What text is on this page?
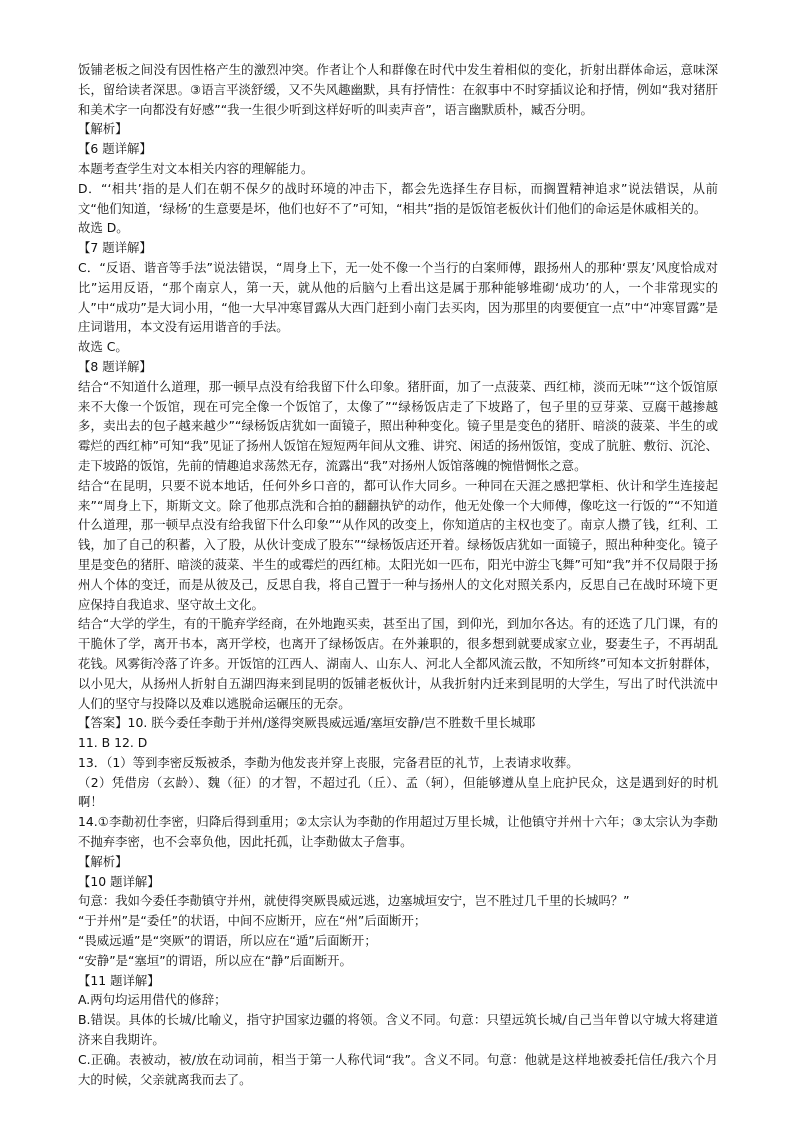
饭铺老板之间没有因性格产生的激烈冲突。作者让个人和群像在时代中发生着相似的变化，折射出群体命运，意味深长，留给读者深思。③语言平淡舒缓，又不失风趣幽默，具有抒情性：在叙事中不时穿插议论和抒情，例如“我对猪肝和美术字一向都没有好感”“我一生很少听到这样好听的叫卖声音”，语言幽默质朴，臧否分明。

【解析】

【6 题详解】

本题考查学生对文本相关内容的理解能力。

D．“‘相共’指的是人们在朝不保夕的战时环境的冲击下，都会先选择生存目标，而搁置精神追求”说法错误，从前文“他们知道，‘绿杨’的生意要是坏，他们也好不了”可知，“相共”指的是饭馆老板伙计们他们的命运是休戚相关的。

故选 D。

【7 题详解】

C．“反语、谐音等手法”说法错误，“周身上下，无一处不像一个当行的白案师傅，跟扬州人的那种‘票友’风度恰成对比”运用反语，“那个南京人，第一天，就从他的后脑勺上看出这是属于那种能够堆砌‘成功’的人，一个非常现实的人”中“成功”是大词小用，“他一大早冲寒冒露从大西门赶到小南门去买肉，因为那里的肉要便宜一点”中“冲寒冒露”是庄词谐用，本文没有运用谐音的手法。

故选 C。

【8 题详解】

结合“不知道什么道理，那一顿早点没有给我留下什么印象。猪肝面，加了一点菠菜、西红柿，淡而无味”“这个饭馆原来不大像一个饭馆，现在可完全像一个饭馆了，太像了”“绿杨饭店走了下坡路了，包子里的豆芽菜、豆腐干越掺越多，卖出去的包子越来越少”“绿杨饭店犹如一面镜子，照出种种变化。镜子里是变色的猪肝、暗淡的菠菜、半生的或霉烂的西红柿”可知“我”见证了扬州人饭馆在短短两年间从文雅、讲究、闲适的扬州饭馆，变成了肮脏、敷衍、沉沦、走下坡路的饭馆，先前的情趣追求荡然无存，流露出“我”对扬州人饭馆落魄的惋惜惆怅之意。

结合“在昆明，只要不说本地话，任何外乡口音的，都可认作大同乡。一种同在天涯之感把掌柜、伙计和学生连接起来”“周身上下，斯斯文文。除了他那点洗和合拍的翻翻执铲的动作，他无处像一个大师傅，像吃这一行饭的”“不知道什么道理，那一顿早点没有给我留下什么印象”“从作风的改变上，你知道店的主权也变了。南京人攒了钱，红利、工钱，加了自己的积蓄，入了股，从伙计变成了股东”“绿杨饭店还开着。绿杨饭店犹如一面镜子，照出种种变化。镜子里是变色的猪肝、暗淡的菠菜、半生的或霉烂的西红柿。太阳光如一匹布，阳光中游尘飞舞”可知“我”并不仅局限于扬州人个体的变迁，而是从彼及己，反思自我，将自己置于一种与扬州人的文化对照关系内，反思自己在战时环境下更应保持自我追求、坚守故土文化。

结合“大学的学生，有的干脆弃学经商，在外地跑买卖，甚至出了国，到仰光，到加尔各达。有的还选了几门课，有的干脆休了学，离开书本，离开学校，也离开了绿杨饭店。在外兼职的，很多想到就要成家立业，娶妻生子，不再胡乱花钱。风雾街冷落了许多。开饭馆的江西人、湖南人、山东人、河北人全都风流云散，不知所终”可知本文折射群体，以小见大，从扬州人折射自五湖四海来到昆明的饭铺老板伙计，从我折射内迁来到昆明的大学生，写出了时代洪流中人们的坚守与投降以及难以逃脱命运碾压的无奈。

【答案】10. 朕今委任李勣于并州/遂得突厥畏威远遁/塞垣安静/岂不胜数千里长城耶

11. B 12. D

13．（1）等到李密反叛被杀，李勣为他发丧并穿上丧服，完备君臣的礼节，上表请求收葬。

（2）凭借房（玄龄）、魏（征）的才智，不超过孔（丘）、孟（轲），但能够遵从皇上庇护民众，这是遇到好的时机啊！

14.①李勣初仕李密，归降后得到重用；②太宗认为李勣的作用超过万里长城，让他镇守并州十六年；③太宗认为李勣不抛弃李密，也不会辜负他，因此托孤，让李勣做太子詹事。

【解析】

【10 题详解】

句意：我如今委任李勣镇守并州，就使得突厥畏威远逃，边塞城垣安宁，岂不胜过几千里的长城吗？”

“于并州”是“委任”的状语，中间不应断开，应在“州”后面断开；

“畏威远遁”是“突厥”的谓语，所以应在“遁”后面断开；

“安静”是“塞垣”的谓语，所以应在“静”后面断开。

【11 题详解】

A.两句均运用借代的修辞；

B.错误。具体的长城/比喻义，指守护国家边疆的将领。含义不同。句意：只望远筑长城/自己当年曾以守城大将建道济来自我期许。

C.正确。表被动，被/放在动词前，相当于第一人称代词“我”。含义不同。句意：他就是这样地被委托信任/我六个月大的时候，父亲就离我而去了。
